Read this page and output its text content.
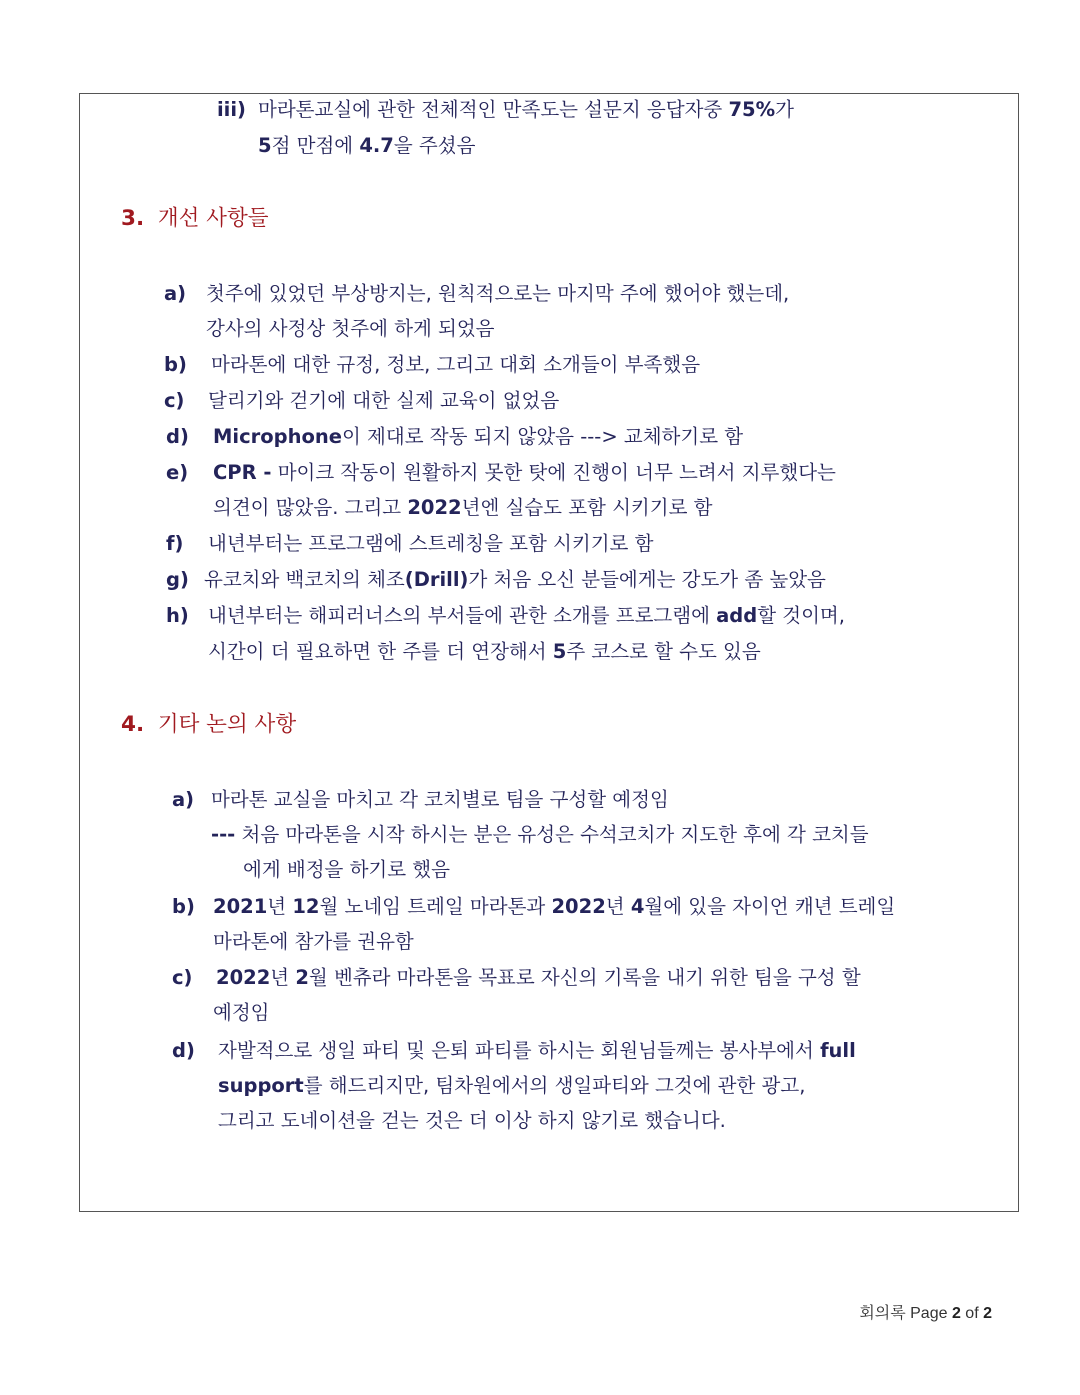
iii) 마라톤교실에 관한 전체적인 만족도는 설문지 응답자중 75%가
5점 만점에 4.7을 주셨음
3. 개선 사항들
a) 첫주에 있었던 부상방지는, 원칙적으로는 마지막 주에 했어야 했는데,
강사의 사정상 첫주에 하게 되었음
b) 마라톤에 대한 규정, 정보, 그리고 대회 소개들이 부족했음
c) 달리기와 걷기에 대한 실제 교육이 없었음
d) Microphone이 제대로 작동 되지 않았음 ---> 교체하기로 함
e) CPR - 마이크 작동이 원활하지 못한 탓에 진행이 너무 느려서 지루했다는
의견이 많았음. 그리고 2022년엔 실습도 포함 시키기로 함
f) 내년부터는 프로그램에 스트레칭을 포함 시키기로 함
g) 유코치와 백코치의 체조(Drill)가 처음 오신 분들에게는 강도가 좀 높았음
h) 내년부터는 해피러너스의 부서들에 관한 소개를 프로그램에 add할 것이며,
시간이 더 필요하면 한 주를 더 연장해서 5주 코스로 할 수도 있음
4. 기타 논의 사항
a) 마라톤 교실을 마치고 각 코치별로 팀을 구성할 예정임
--- 처음 마라톤을 시작 하시는 분은 유성은 수석코치가 지도한 후에 각 코치들
에게 배정을 하기로 했음
b) 2021년 12월 노네임 트레일 마라톤과 2022년 4월에 있을 자이언 캐년 트레일
마라톤에 참가를 권유함
c) 2022년 2월 벤츄라 마라톤을 목표로 자신의 기록을 내기 위한 팀을 구성 할
예정임
d) 자발적으로 생일 파티 및 은퇴 파티를 하시는 회원님들께는 봉사부에서 full
support를 해드리지만, 팀차원에서의 생일파티와 그것에 관한 광고,
그리고 도네이션을 걷는 것은 더 이상 하지 않기로 했습니다.
회의록 Page 2 of 2
